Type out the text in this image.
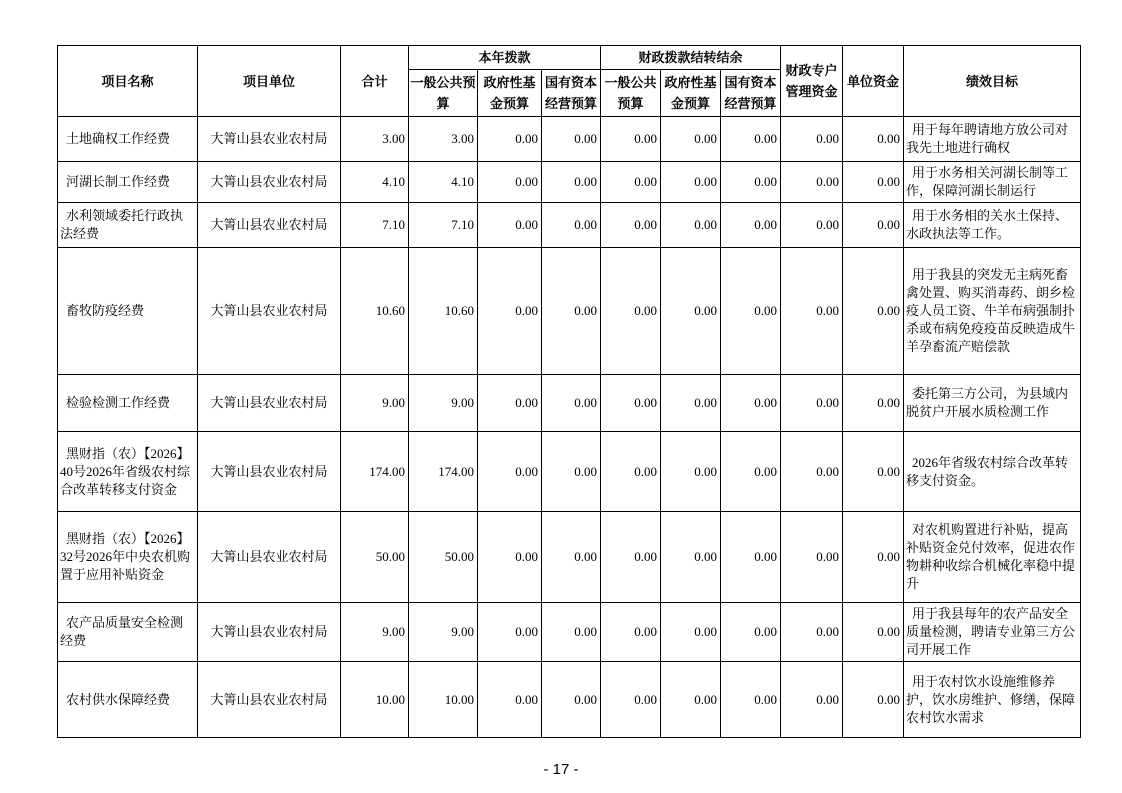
项目名称	项目单位	合计	本年拨款			财政拨款结转结余			财政专户管理资金	单位资金	绩效目标
			一般公共预算	政府性基金预算	国有资本经营预算	一般公共预算	政府性基金预算	国有资本经营预算			
土地确权工作经费	大箐山县农业农村局	3.00	3.00	0.00	0.00	0.00	0.00	0.00	0.00	0.00	用于每年聘请地方放公司对我先土地进行确权
河湖长制工作经费	大箐山县农业农村局	4.10	4.10	0.00	0.00	0.00	0.00	0.00	0.00	0.00	用于水务相关河湖长制等工作，保障河湖长制运行
水利领域委托行政执法经费	大箐山县农业农村局	7.10	7.10	0.00	0.00	0.00	0.00	0.00	0.00	0.00	用于水务相的关水土保持、水政执法等工作。
畜牧防疫经费	大箐山县农业农村局	10.60	10.60	0.00	0.00	0.00	0.00	0.00	0.00	0.00	用于我县的突发无主病死畜禽处置、购买消毒药、朗乡检疫人员工资、牛羊布病强制扑杀或布病免疫疫苗反映造成牛羊孕畜流产赔偿款
检验检测工作经费	大箐山县农业农村局	9.00	9.00	0.00	0.00	0.00	0.00	0.00	0.00	0.00	委托第三方公司，为县域内脱贫户开展水质检测工作
黑财指（农）【2026】40号2026年省级农村综合改革转移支付资金	大箐山县农业农村局	174.00	174.00	0.00	0.00	0.00	0.00	0.00	0.00	0.00	2026年省级农村综合改革转移支付资金。
黑财指（农）【2026】32号2026年中央农机购置于应用补贴资金	大箐山县农业农村局	50.00	50.00	0.00	0.00	0.00	0.00	0.00	0.00	0.00	对农机购置进行补贴，提高补贴资金兑付效率，促进农作物耕种收综合机械化率稳中提升
农产品质量安全检测经费	大箐山县农业农村局	9.00	9.00	0.00	0.00	0.00	0.00	0.00	0.00	0.00	用于我县每年的农产品安全质量检测，聘请专业第三方公司开展工作
农村供水保障经费	大箐山县农业农村局	10.00	10.00	0.00	0.00	0.00	0.00	0.00	0.00	0.00	用于农村饮水设施维修养护，饮水房维护、修缮，保障农村饮水需求
- 17 -
